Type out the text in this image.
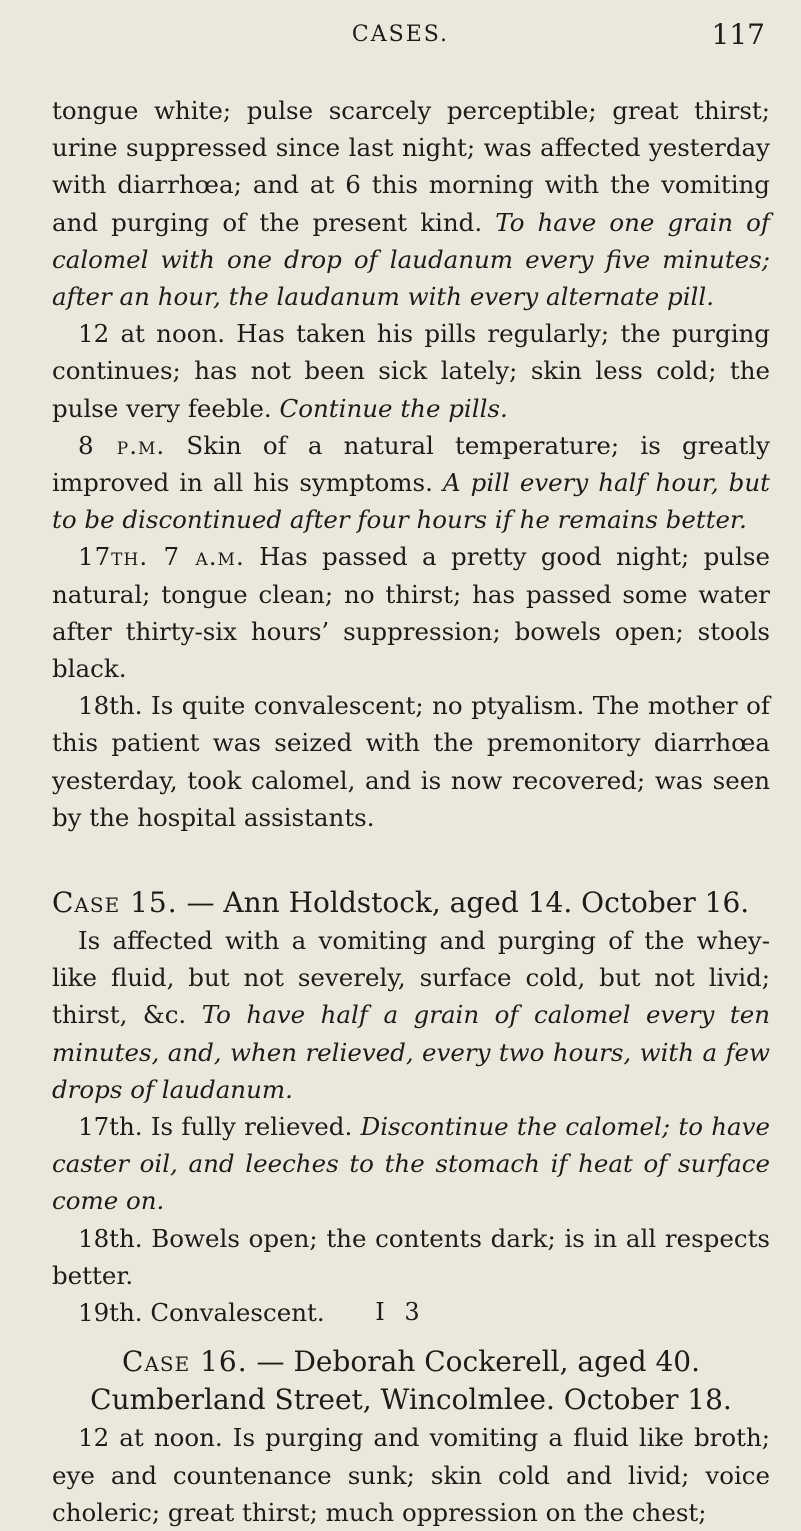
CASES.	117

tongue white; pulse scarcely perceptible; great thirst; urine suppressed since last night; was affected yesterday with diarrhœa; and at 6 this morning with the vomiting and purging of the present kind. To have one grain of calomel with one drop of laudanum every five minutes; after an hour, the laudanum with every alternate pill.

12 at noon. Has taken his pills regularly; the purging continues; has not been sick lately; skin less cold; the pulse very feeble. Continue the pills.

8 p.m. Skin of a natural temperature; is greatly improved in all his symptoms. A pill every half hour, but to be discontinued after four hours if he remains better.

17th. 7 a.m. Has passed a pretty good night; pulse natural; tongue clean; no thirst; has passed some water after thirty-six hours’ suppression; bowels open; stools black.

18th. Is quite convalescent; no ptyalism. The mother of this patient was seized with the premonitory diarrhœa yesterday, took calomel, and is now recovered; was seen by the hospital assistants.

Case 15. — Ann Holdstock, aged 14. October 16.

Is affected with a vomiting and purging of the whey-like fluid, but not severely, surface cold, but not livid; thirst, &c. To have half a grain of calomel every ten minutes, and, when relieved, every two hours, with a few drops of laudanum.

17th. Is fully relieved. Discontinue the calomel; to have caster oil, and leeches to the stomach if heat of surface come on.

18th. Bowels open; the contents dark; is in all respects better.

19th. Convalescent.

Case 16. — Deborah Cockerell, aged 40. Cumberland Street, Wincolmlee. October 18.

12 at noon. Is purging and vomiting a fluid like broth; eye and countenance sunk; skin cold and livid; voice choleric; great thirst; much oppression on the chest;

I 3
